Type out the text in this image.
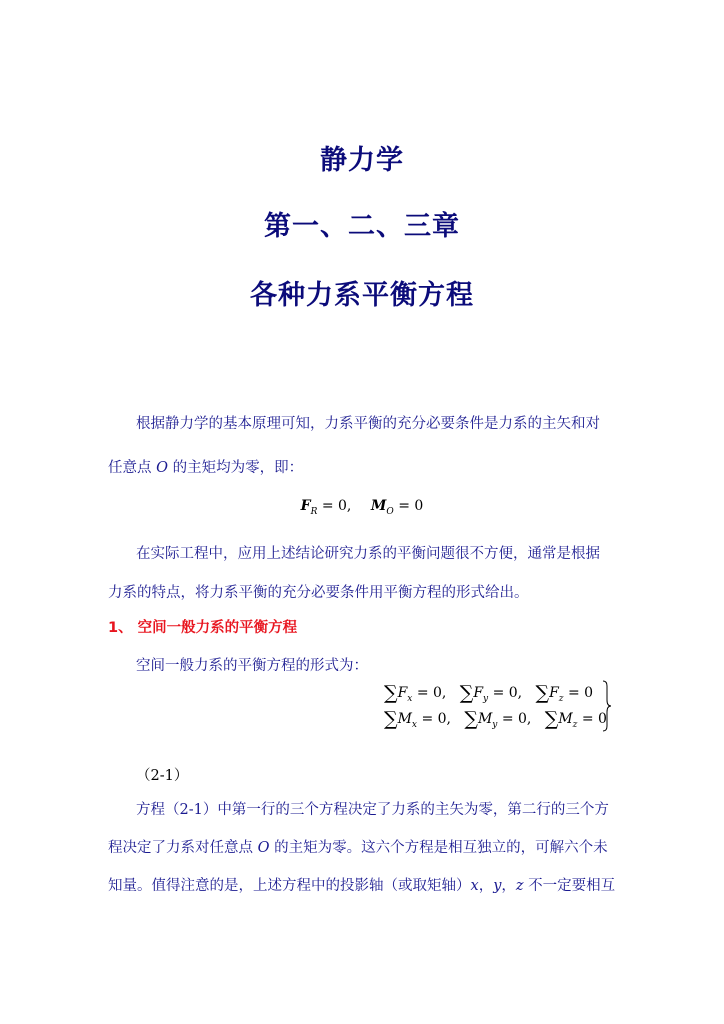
静力学
第一、二、三章
各种力系平衡方程
根据静力学的基本原理可知，力系平衡的充分必要条件是力系的主矢和对
任意点 O 的主矩均为零，即：
$F_R = 0$, $M_O = 0$
在实际工程中，应用上述结论研究力系的平衡问题很不方便，通常是根据
力系的特点，将力系平衡的充分必要条件用平衡方程的形式给出。
1、 空间一般力系的平衡方程
空间一般力系的平衡方程的形式为：
$\sum F_x = 0$, $\sum F_y = 0$, $\sum F_z = 0$
$\sum M_x = 0$, $\sum M_y = 0$, $\sum M_z = 0$
（2-1）
方程（2-1）中第一行的三个方程决定了力系的主矢为零，第二行的三个方
程决定了力系对任意点 O 的主矩为零。这六个方程是相互独立的，可解六个未
知量。值得注意的是，上述方程中的投影轴（或取矩轴）x，y，z 不一定要相互
